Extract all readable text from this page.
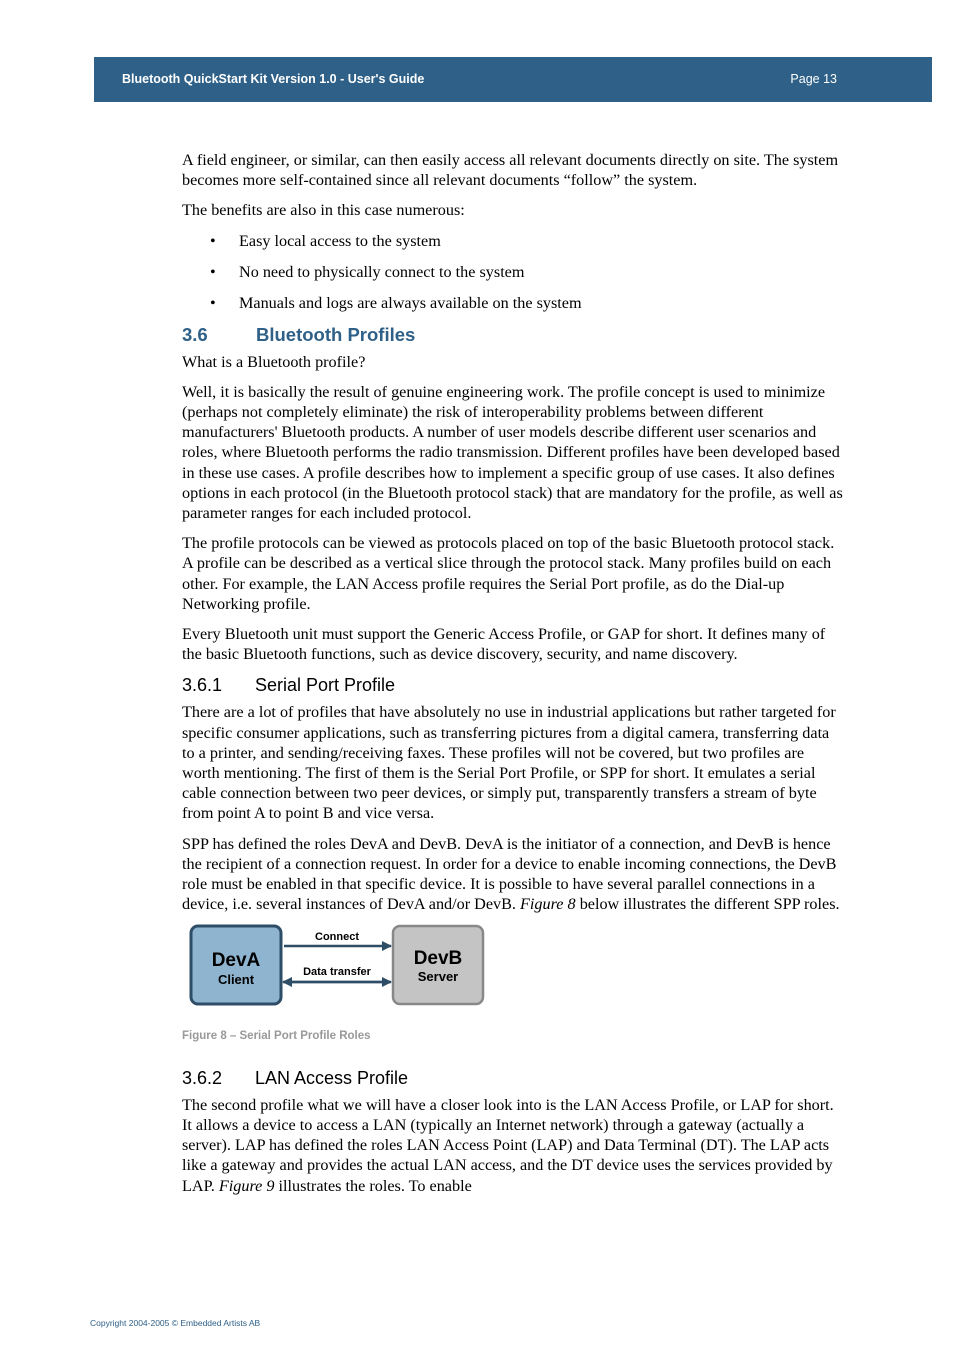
Bluetooth QuickStart Kit Version 1.0 - User's Guide	Page 13

A field engineer, or similar, can then easily access all relevant documents directly on site. The system becomes more self-contained since all relevant documents “follow” the system.

The benefits are also in this case numerous:

• Easy local access to the system
• No need to physically connect to the system
• Manuals and logs are always available on the system
3.6	Bluetooth Profiles

What is a Bluetooth profile?

Well, it is basically the result of genuine engineering work. The profile concept is used to minimize (perhaps not completely eliminate) the risk of interoperability problems between different manufacturers' Bluetooth products. A number of user models describe different user scenarios and roles, where Bluetooth performs the radio transmission. Different profiles have been developed based in these use cases. A profile describes how to implement a specific group of use cases. It also defines options in each protocol (in the Bluetooth protocol stack) that are mandatory for the profile, as well as parameter ranges for each included protocol.

The profile protocols can be viewed as protocols placed on top of the basic Bluetooth protocol stack. A profile can be described as a vertical slice through the protocol stack. Many profiles build on each other. For example, the LAN Access profile requires the Serial Port profile, as do the Dial-up Networking profile.

Every Bluetooth unit must support the Generic Access Profile, or GAP for short. It defines many of the basic Bluetooth functions, such as device discovery, security, and name discovery.

3.6.1 Serial Port Profile

There are a lot of profiles that have absolutely no use in industrial applications but rather targeted for specific consumer applications, such as transferring pictures from a digital camera, transferring data to a printer, and sending/receiving faxes. These profiles will not be covered, but two profiles are worth mentioning. The first of them is the Serial Port Profile, or SPP for short. It emulates a serial cable connection between two peer devices, or simply put, transparently transfers a stream of byte from point A to point B and vice versa.

SPP has defined the roles DevA and DevB. DevA is the initiator of a connection, and DevB is hence the recipient of a connection request. In order for a device to enable incoming connections, the DevB role must be enabled in that specific device. It is possible to have several parallel connections in a device, i.e. several instances of DevA and/or DevB. Figure 8 below illustrates the different SPP roles.

DevA
Client
DevB
Server
Connect
Data transfer
Figure 8 – Serial Port Profile Roles
3.6.2 LAN Access Profile

The second profile what we will have a closer look into is the LAN Access Profile, or LAP for short. It allows a device to access a LAN (typically an Internet network) through a gateway (actually a server). LAP has defined the roles LAN Access Point (LAP) and Data Terminal (DT). The LAP acts like a gateway and provides the actual LAN access, and the DT device uses the services provided by LAP. Figure 9 illustrates the roles. To enable

Copyright 2004-2005 © Embedded Artists AB
